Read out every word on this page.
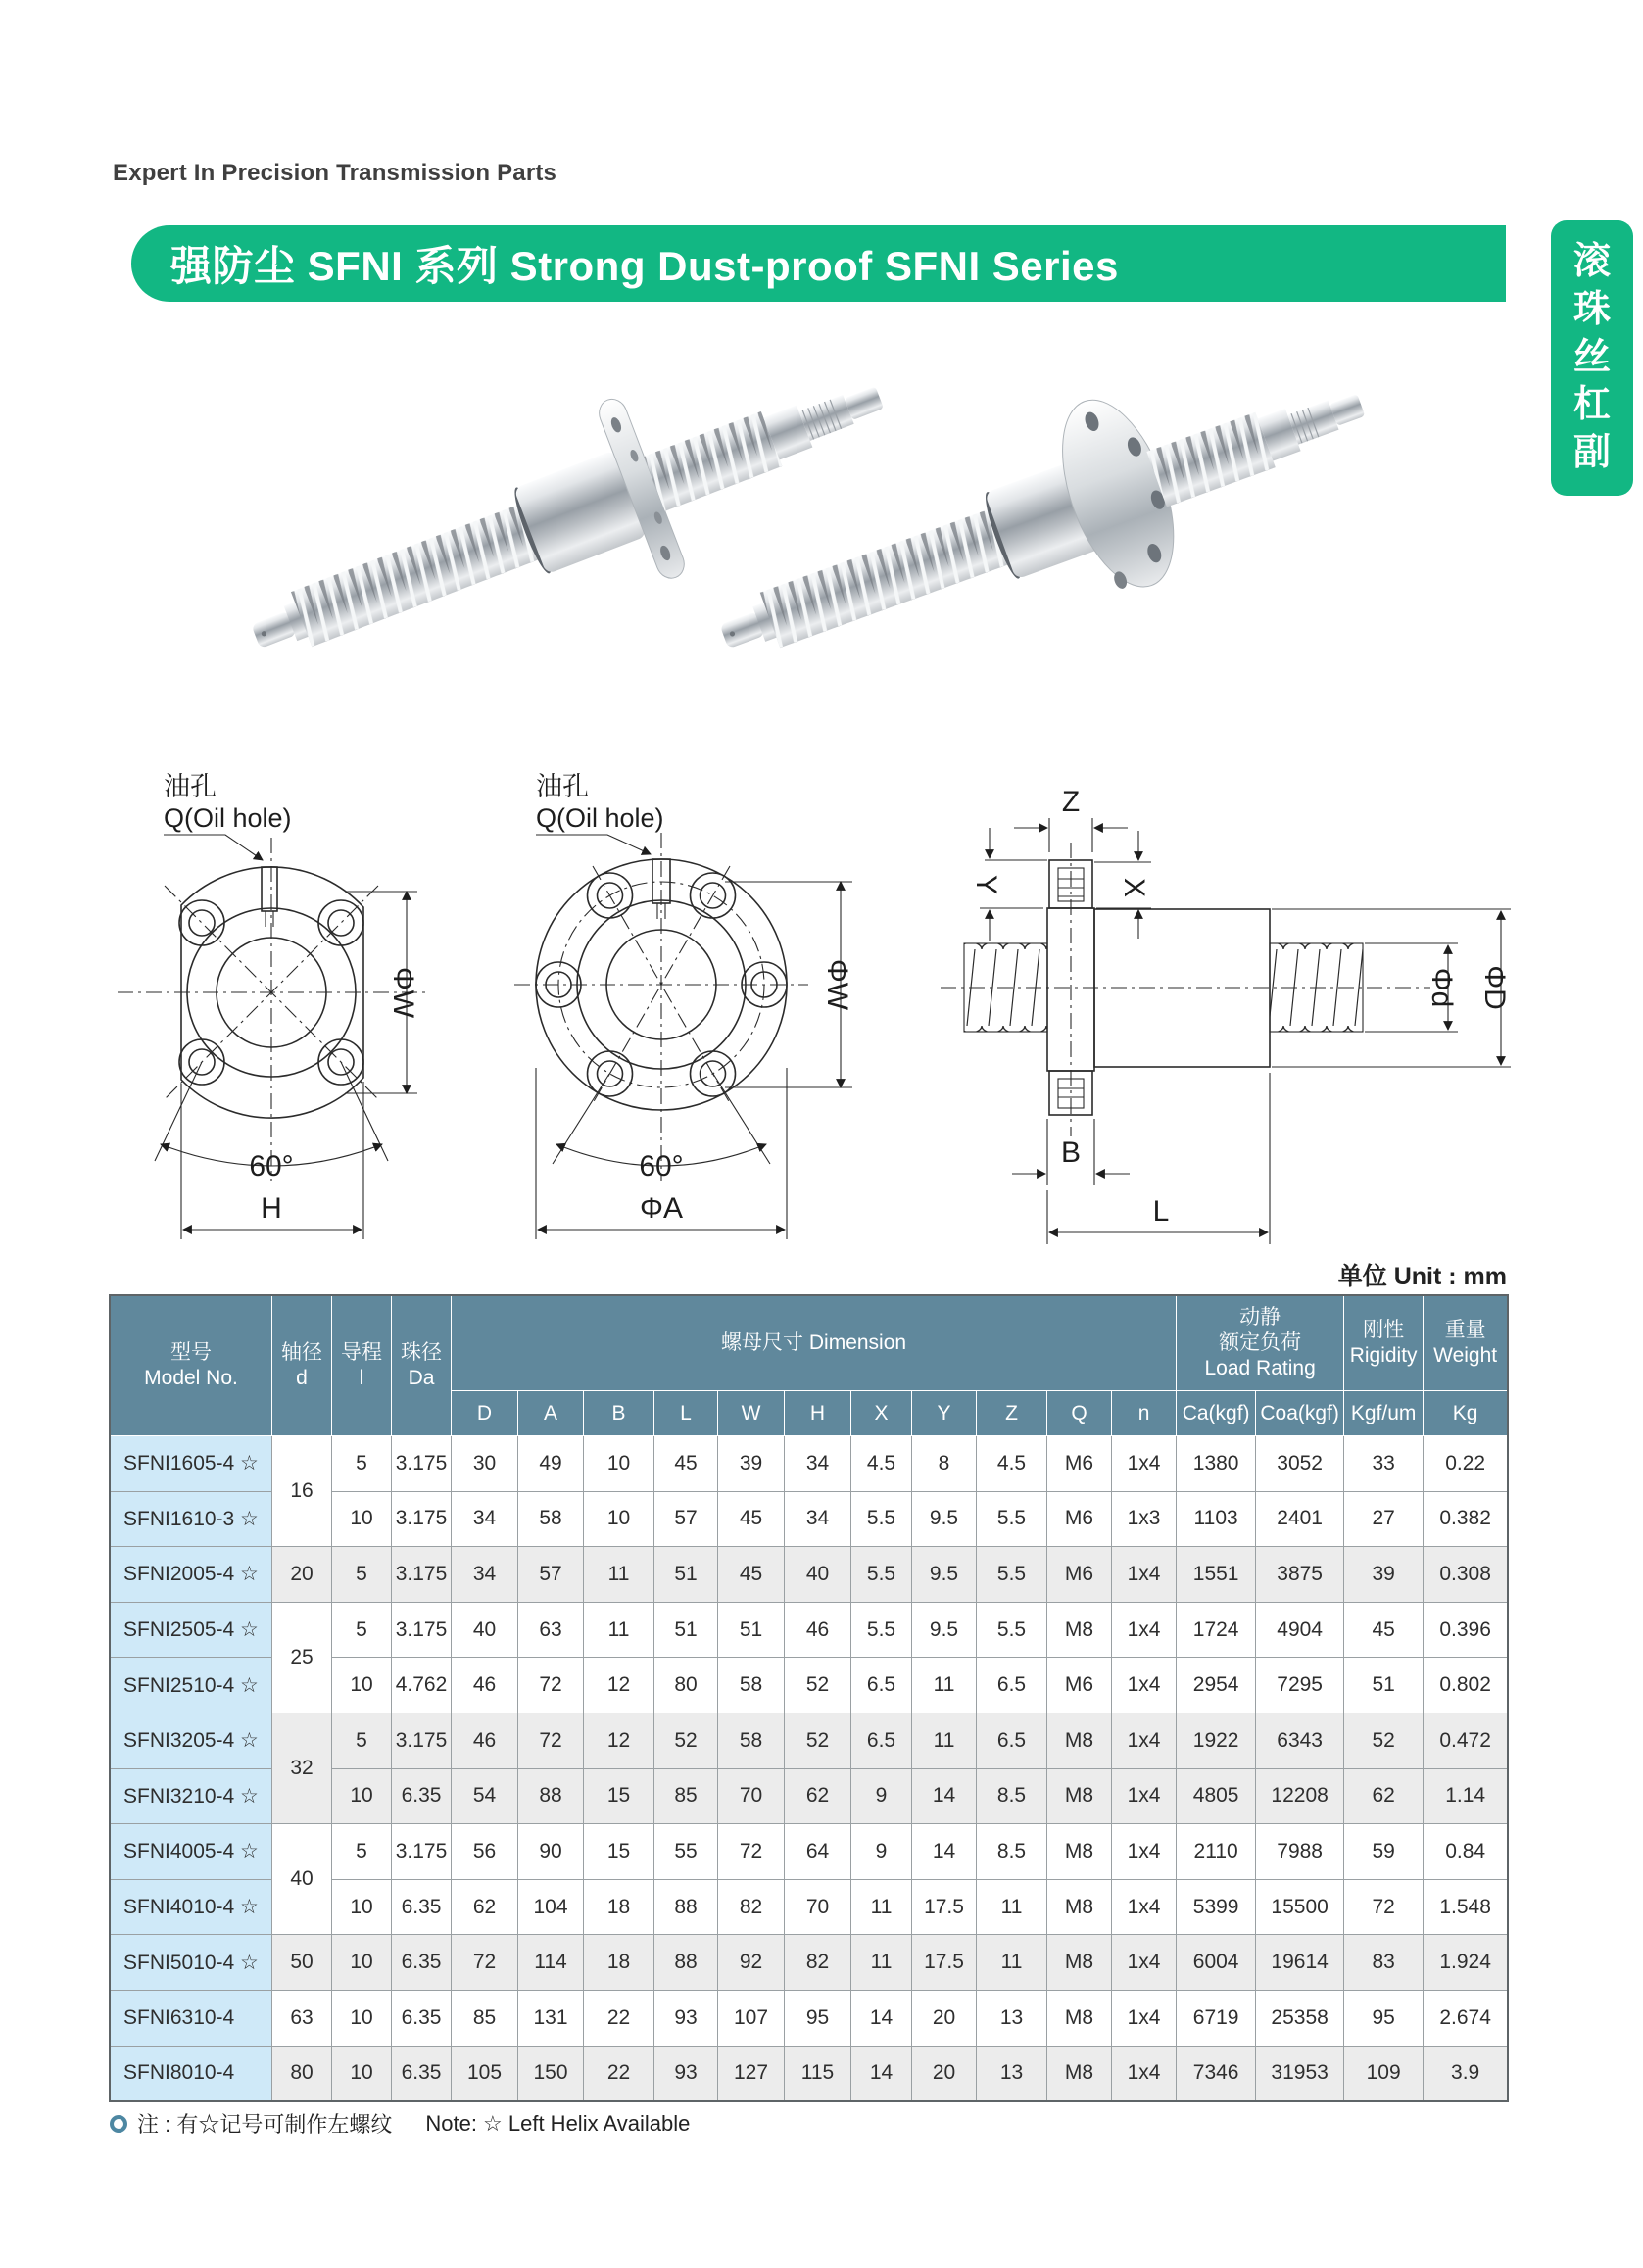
Expert In Precision Transmission Parts
强防尘 SFNI 系列 Strong Dust-proof SFNI Series	滚
珠
丝
杠
副
油孔
Q(Oil hole)
ΦW
60°
H
油孔
Q(Oil hole)
ΦW
60°
ΦA
Z
Y	X
Φd ΦD
B
L
单位 Unit : mm
型号
Model No.

轴径
d

导程
l

珠径
Da
	螺母尺寸 Dimension	
动静
额定负荷
Load Rating

刚性
Rigidity

重量
Weight

				D	A	B	L	W	H	X	Y	Z	Q	n	Ca(kgf)	Coa(kgf)	Kgf/um	Kg
SFNI1605-4 ☆	16	5	3.175	30	49	10	45	39	34	4.5	8	4.5	M6	1x4	1380	3052	33	0.22
SFNI1610-3 ☆		10	3.175	34	58	10	57	45	34	5.5	9.5	5.5	M6	1x3	1103	2401	27	0.382
SFNI2005-4 ☆	20	5	3.175	34	57	11	51	45	40	5.5	9.5	5.5	M6	1x4	1551	3875	39	0.308
SFNI2505-4 ☆	25	5	3.175	40	63	11	51	51	46	5.5	9.5	5.5	M8	1x4	1724	4904	45	0.396
SFNI2510-4 ☆		10	4.762	46	72	12	80	58	52	6.5	11	6.5	M6	1x4	2954	7295	51	0.802
SFNI3205-4 ☆	32	5	3.175	46	72	12	52	58	52	6.5	11	6.5	M8	1x4	1922	6343	52	0.472
SFNI3210-4 ☆		10	6.35	54	88	15	85	70	62	9	14	8.5	M8	1x4	4805	12208	62	1.14
SFNI4005-4 ☆	40	5	3.175	56	90	15	55	72	64	9	14	8.5	M8	1x4	2110	7988	59	0.84
SFNI4010-4 ☆		10	6.35	62	104	18	88	82	70	11	17.5	11	M8	1x4	5399	15500	72	1.548
SFNI5010-4 ☆	50	10	6.35	72	114	18	88	92	82	11	17.5	11	M8	1x4	6004	19614	83	1.924
SFNI6310-4	63	10	6.35	85	131	22	93	107	95	14	20	13	M8	1x4	6719	25358	95	2.674
SFNI8010-4	80	10	6.35	105	150	22	93	127	115	14	20	13	M8	1x4	7346	31953	109	3.9
注 : 有☆记号可制作左螺纹 Note: ☆ Left Helix Available
